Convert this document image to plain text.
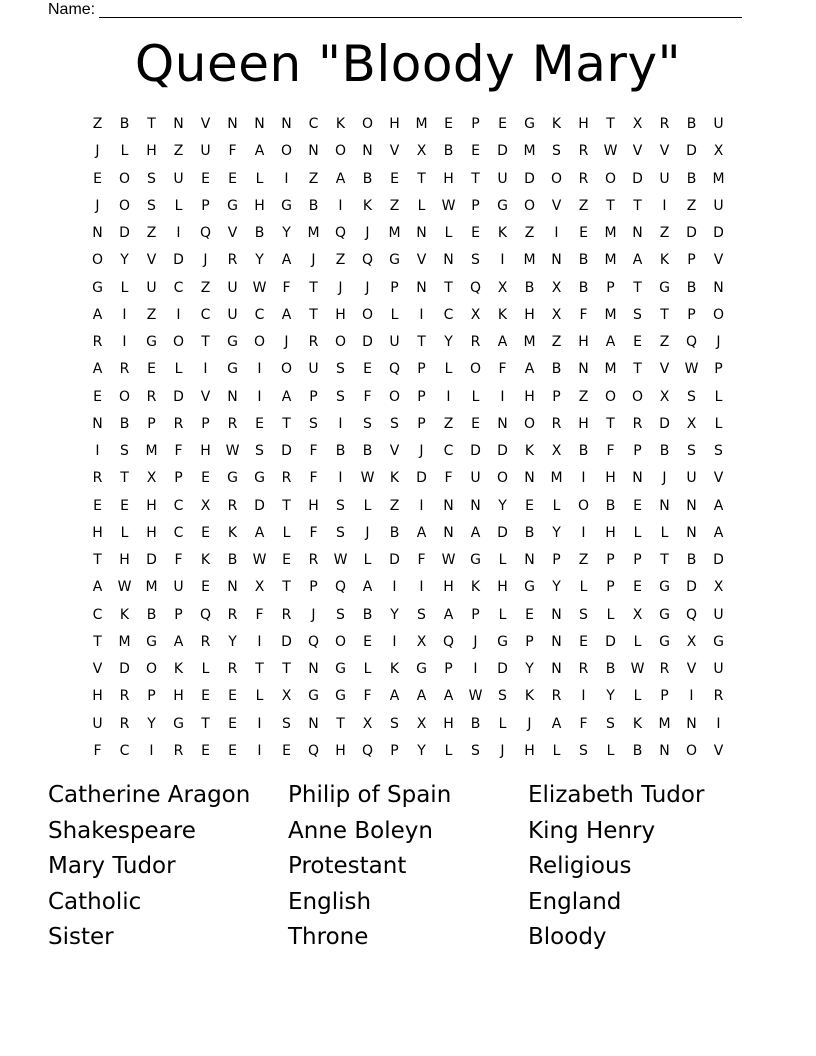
Name:
Queen "Bloody Mary"
Z	B	T	N	V	N	N	N	C	K	O	H	M	E	P	E	G	K	H	T	X	R	B	U
J	L	H	Z	U	F	A	O	N	O	N	V	X	B	E	D	M	S	R	W	V	V	D	X
E	O	S	U	E	E	L	I	Z	A	B	E	T	H	T	U	D	O	R	O	D	U	B	M
J	O	S	L	P	G	H	G	B	I	K	Z	L	W	P	G	O	V	Z	T	T	I	Z	U
N	D	Z	I	Q	V	B	Y	M	Q	J	M	N	L	E	K	Z	I	E	M	N	Z	D	D
O	Y	V	D	J	R	Y	A	J	Z	Q	G	V	N	S	I	M	N	B	M	A	K	P	V
G	L	U	C	Z	U	W	F	T	J	J	P	N	T	Q	X	B	X	B	P	T	G	B	N
A	I	Z	I	C	U	C	A	T	H	O	L	I	C	X	K	H	X	F	M	S	T	P	O
R	I	G	O	T	G	O	J	R	O	D	U	T	Y	R	A	M	Z	H	A	E	Z	Q	J
A	R	E	L	I	G	I	O	U	S	E	Q	P	L	O	F	A	B	N	M	T	V	W	P
E	O	R	D	V	N	I	A	P	S	F	O	P	I	L	I	H	P	Z	O	O	X	S	L
N	B	P	R	P	R	E	T	S	I	S	S	P	Z	E	N	O	R	H	T	R	D	X	L
I	S	M	F	H	W	S	D	F	B	B	V	J	C	D	D	K	X	B	F	P	B	S	S
R	T	X	P	E	G	G	R	F	I	W	K	D	F	U	O	N	M	I	H	N	J	U	V
E	E	H	C	X	R	D	T	H	S	L	Z	I	N	N	Y	E	L	O	B	E	N	N	A
H	L	H	C	E	K	A	L	F	S	J	B	A	N	A	D	B	Y	I	H	L	L	N	A
T	H	D	F	K	B	W	E	R	W	L	D	F	W	G	L	N	P	Z	P	P	T	B	D
A	W	M	U	E	N	X	T	P	Q	A	I	I	H	K	H	G	Y	L	P	E	G	D	X
C	K	B	P	Q	R	F	R	J	S	B	Y	S	A	P	L	E	N	S	L	X	G	Q	U
T	M	G	A	R	Y	I	D	Q	O	E	I	X	Q	J	G	P	N	E	D	L	G	X	G
V	D	O	K	L	R	T	T	N	G	L	K	G	P	I	D	Y	N	R	B	W	R	V	U
H	R	P	H	E	E	L	X	G	G	F	A	A	A	W	S	K	R	I	Y	L	P	I	R
U	R	Y	G	T	E	I	S	N	T	X	S	X	H	B	L	J	A	F	S	K	M	N	I
F	C	I	R	E	E	I	E	Q	H	Q	P	Y	L	S	J	H	L	S	L	B	N	O	V
Catherine Aragon	Philip of Spain	Elizabeth Tudor
Shakespeare	Anne Boleyn	King Henry
Mary Tudor	Protestant	Religious
Catholic	English	England
Sister	Throne	Bloody
